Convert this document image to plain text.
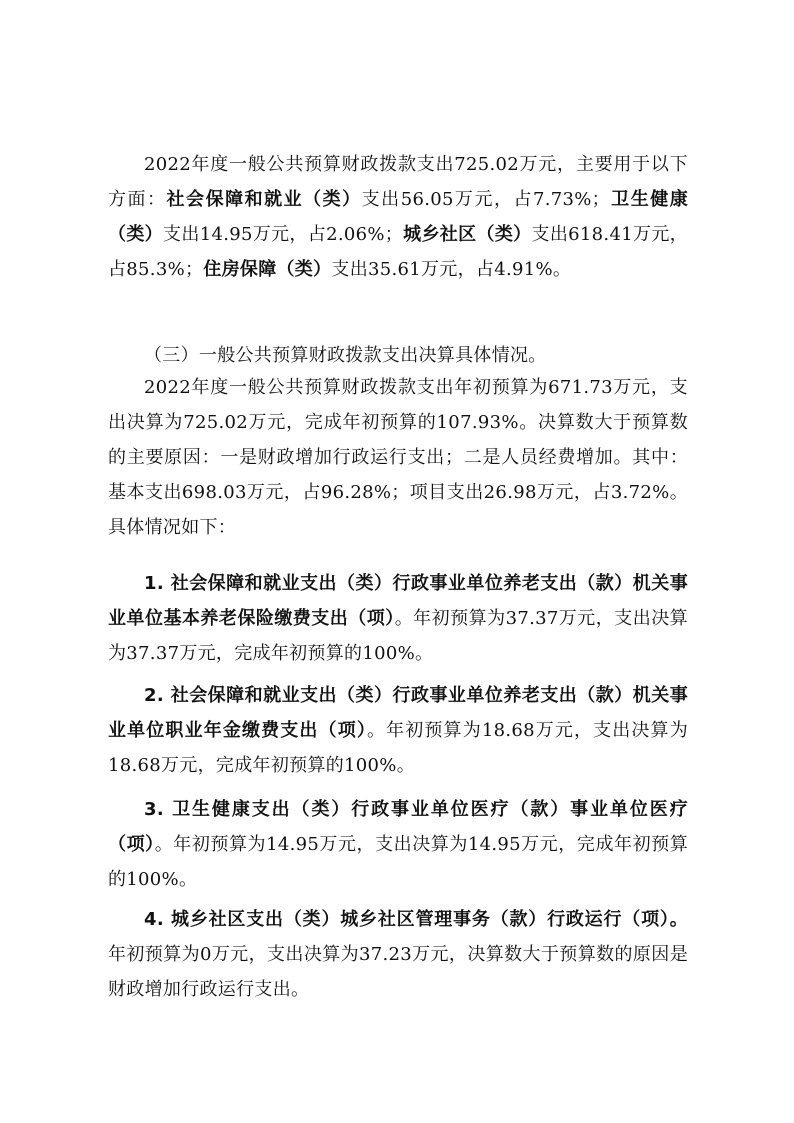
2022年度一般公共预算财政拨款支出725.02万元，主要用于以下方面：社会保障和就业（类）支出56.05万元，占7.73%；卫生健康（类）支出14.95万元，占2.06%；城乡社区（类）支出618.41万元，占85.3%；住房保障（类）支出35.61万元，占4.91%。

（三）一般公共预算财政拨款支出决算具体情况。

2022年度一般公共预算财政拨款支出年初预算为671.73万元，支出决算为725.02万元，完成年初预算的107.93%。决算数大于预算数的主要原因：一是财政增加行政运行支出；二是人员经费增加。其中：基本支出698.03万元，占96.28%；项目支出26.98万元，占3.72%。具体情况如下：

1. 社会保障和就业支出（类）行政事业单位养老支出（款）机关事业单位基本养老保险缴费支出（项）。年初预算为37.37万元，支出决算为37.37万元，完成年初预算的100%。

2. 社会保障和就业支出（类）行政事业单位养老支出（款）机关事业单位职业年金缴费支出（项）。年初预算为18.68万元，支出决算为18.68万元，完成年初预算的100%。

3. 卫生健康支出（类）行政事业单位医疗（款）事业单位医疗（项）。年初预算为14.95万元，支出决算为14.95万元，完成年初预算的100%。

4. 城乡社区支出（类）城乡社区管理事务（款）行政运行（项）。年初预算为0万元，支出决算为37.23万元，决算数大于预算数的原因是财政增加行政运行支出。
